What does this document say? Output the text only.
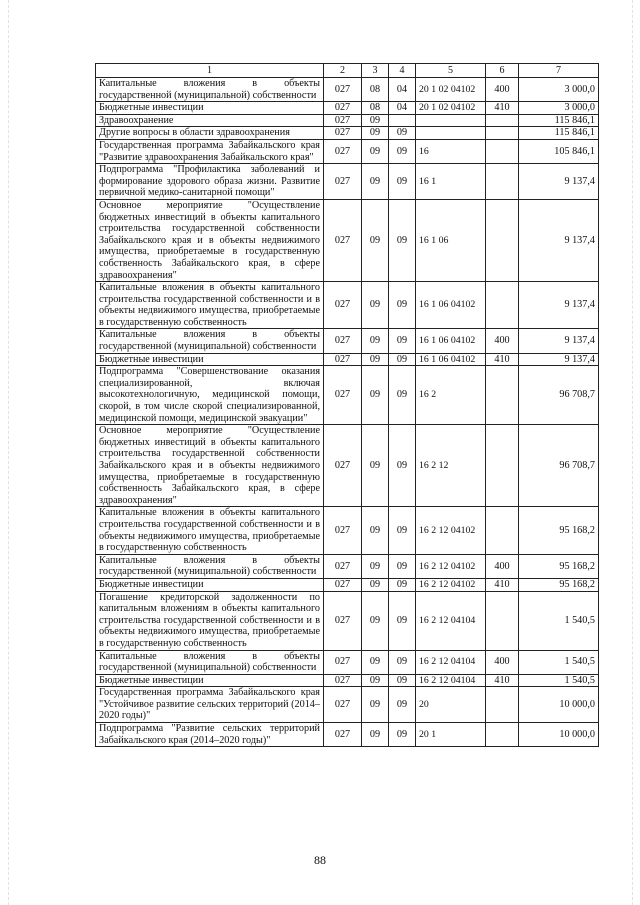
1	2	3	4	5	6	7
Капитальные вложения в объекты государственной (муниципальной) собственности	027	08	04	20 1 02 04102	400	3 000,0
Бюджетные инвестиции	027	08	04	20 1 02 04102	410	3 000,0
Здравоохранение	027	09				115 846,1
Другие вопросы в области здравоохранения	027	09	09			115 846,1
Государственная программа Забайкальского края "Развитие здравоохранения Забайкальского края"	027	09	09	16		105 846,1
Подпрограмма "Профилактика заболеваний и формирование здорового образа жизни. Развитие первичной медико-санитарной помощи"	027	09	09	16 1		9 137,4
Основное мероприятие "Осуществление бюджетных инвестиций в объекты капитального строительства государственной собственности Забайкальского края и в объекты недвижимого имущества, приобретаемые в государственную собственность Забайкальского края, в сфере здравоохранения"	027	09	09	16 1 06		9 137,4
Капитальные вложения в объекты капитального строительства государственной собственности и в объекты недвижимого имущества, приобретаемые в государственную собственность	027	09	09	16 1 06 04102		9 137,4
Капитальные вложения в объекты государственной (муниципальной) собственности	027	09	09	16 1 06 04102	400	9 137,4
Бюджетные инвестиции	027	09	09	16 1 06 04102	410	9 137,4
Подпрограмма "Совершенствование оказания специализированной, включая высокотехнологичную, медицинской помощи, скорой, в том числе скорой специализированной, медицинской помощи, медицинской эвакуации"	027	09	09	16 2		96 708,7
Основное мероприятие "Осуществление бюджетных инвестиций в объекты капитального строительства государственной собственности Забайкальского края и в объекты недвижимого имущества, приобретаемые в государственную собственность Забайкальского края, в сфере здравоохранения"	027	09	09	16 2 12		96 708,7
Капитальные вложения в объекты капитального строительства государственной собственности и в объекты недвижимого имущества, приобретаемые в государственную собственность	027	09	09	16 2 12 04102		95 168,2
Капитальные вложения в объекты государственной (муниципальной) собственности	027	09	09	16 2 12 04102	400	95 168,2
Бюджетные инвестиции	027	09	09	16 2 12 04102	410	95 168,2
Погашение кредиторской задолженности по капитальным вложениям в объекты капитального строительства государственной собственности и в объекты недвижимого имущества, приобретаемые в государственную собственность	027	09	09	16 2 12 04104		1 540,5
Капитальные вложения в объекты государственной (муниципальной) собственности	027	09	09	16 2 12 04104	400	1 540,5
Бюджетные инвестиции	027	09	09	16 2 12 04104	410	1 540,5
Государственная программа Забайкальского края "Устойчивое развитие сельских территорий (2014–2020 годы)"	027	09	09	20		10 000,0
Подпрограмма "Развитие сельских территорий Забайкальского края (2014–2020 годы)"	027	09	09	20 1		10 000,0
88
